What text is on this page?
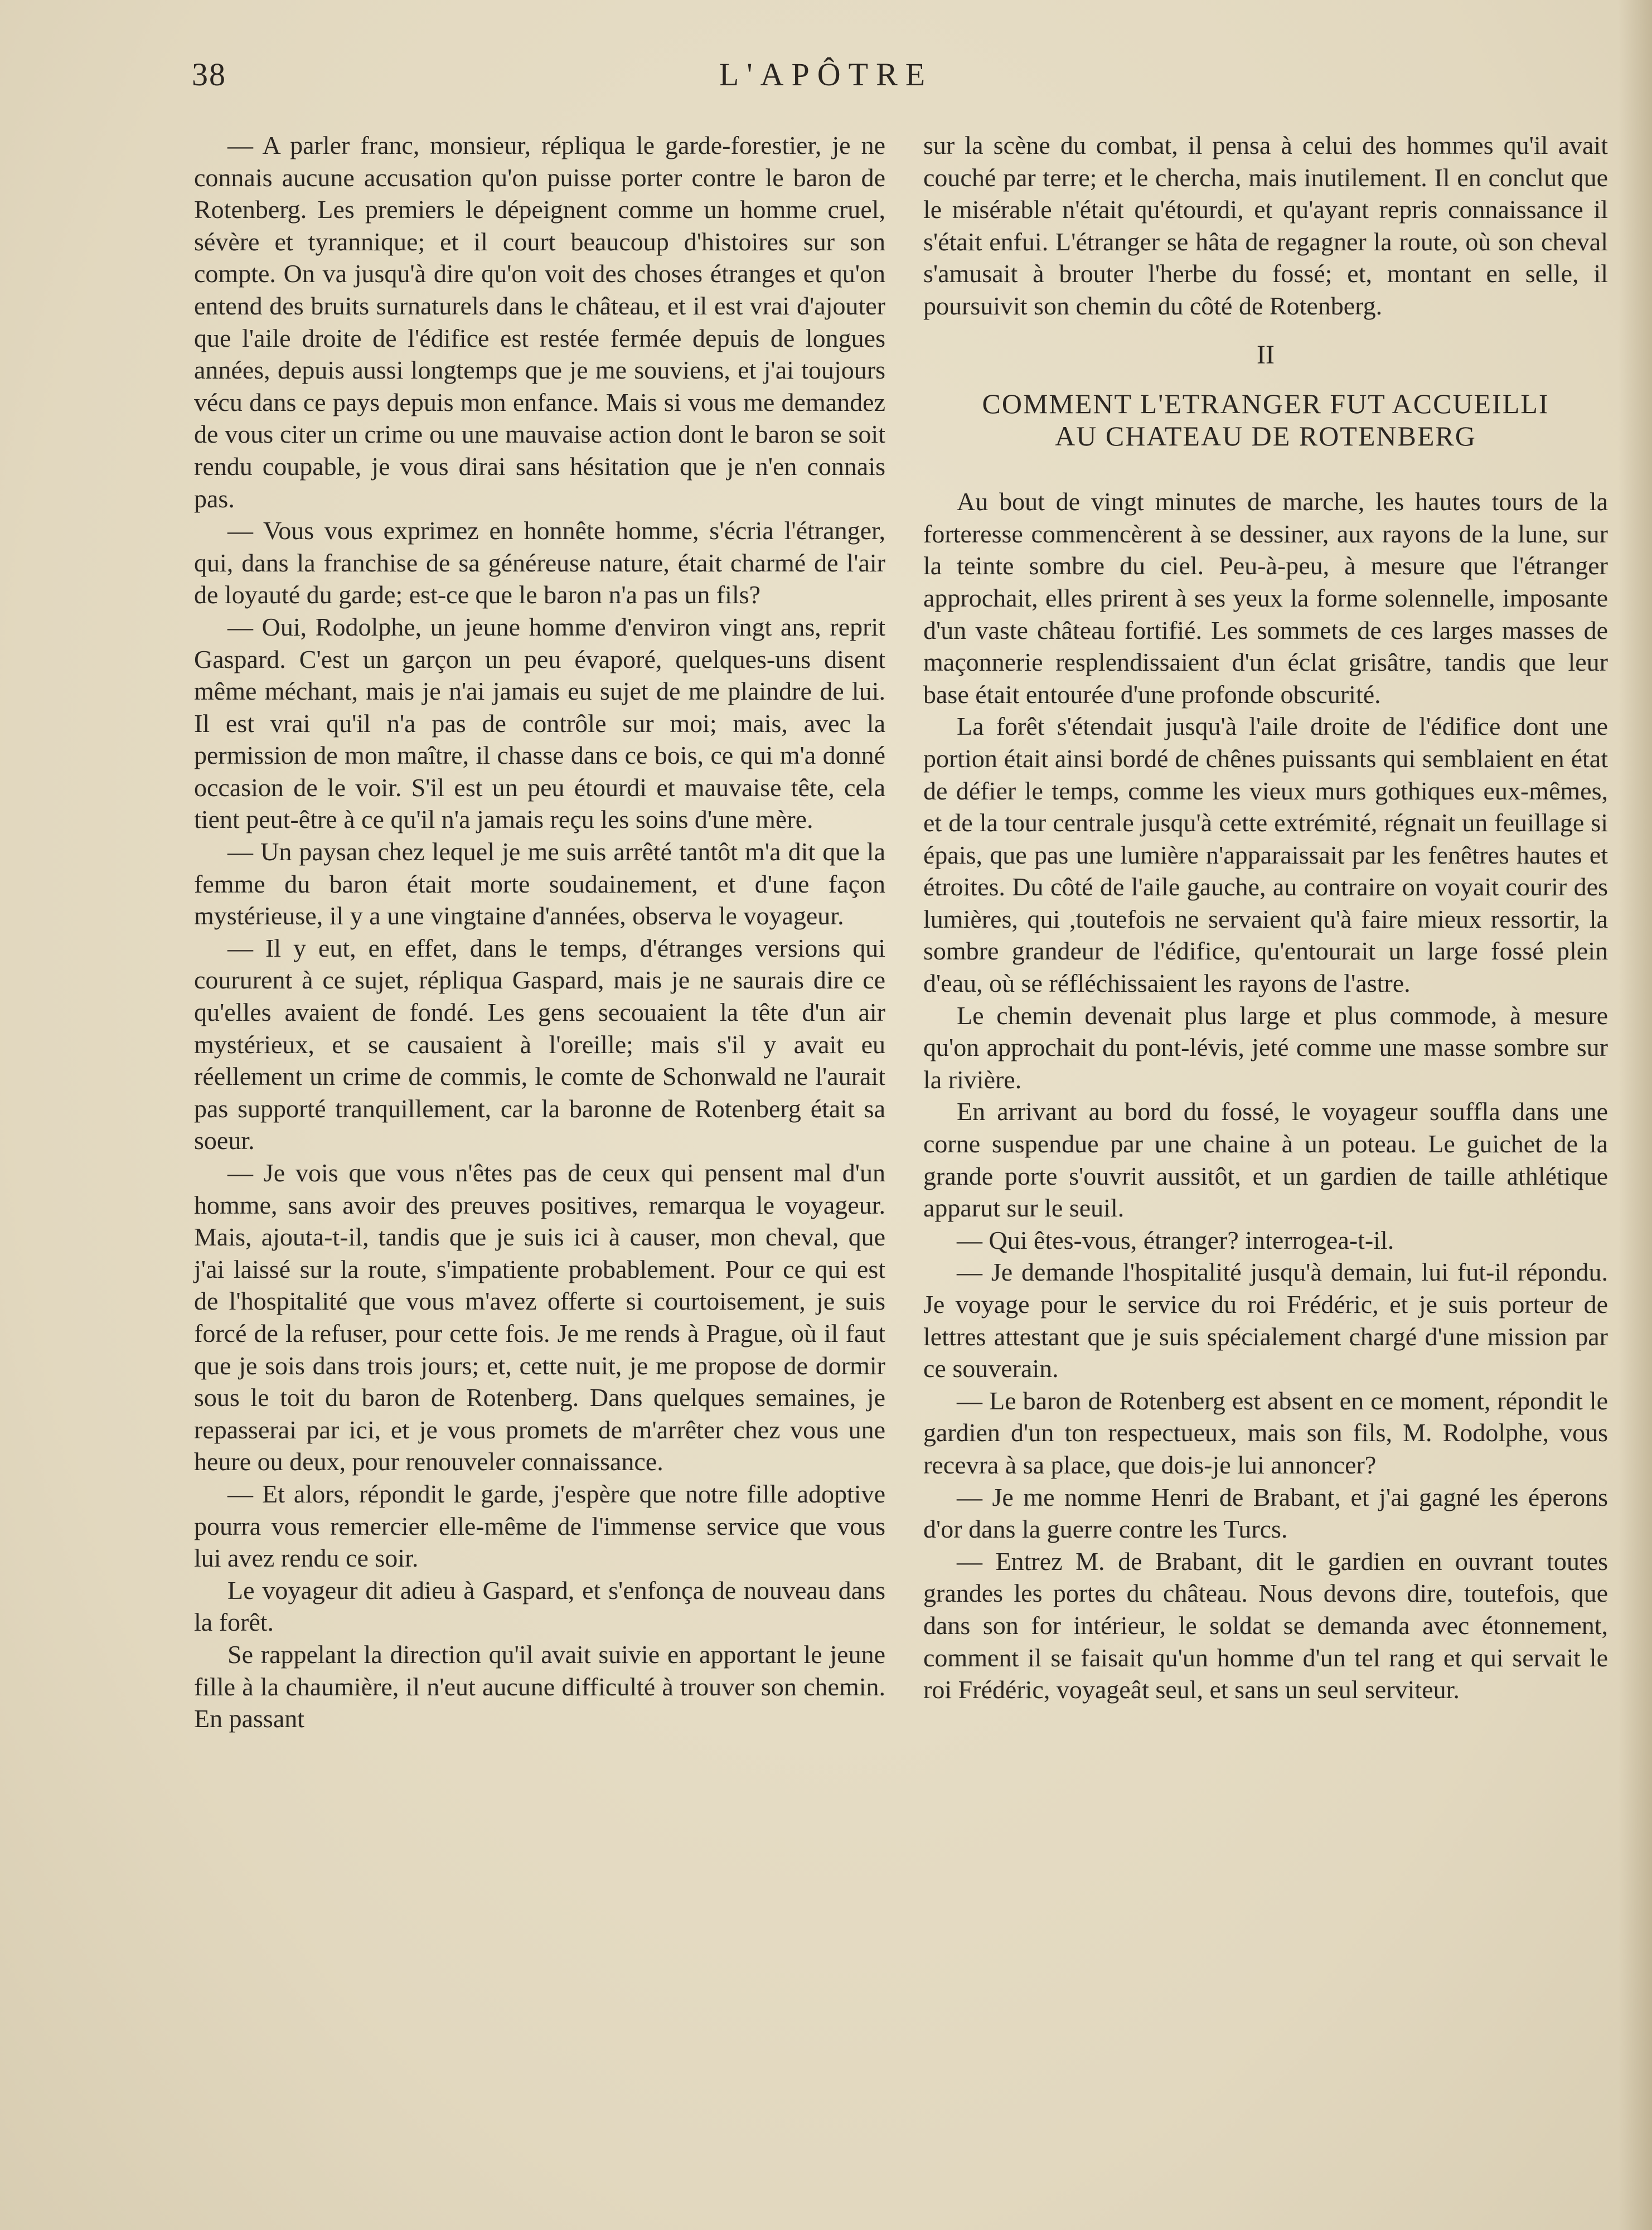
38	L'APÔTRE

— A parler franc, monsieur, répliqua le garde-forestier, je ne connais aucune accusation qu'on puisse porter contre le baron de Rotenberg. Les premiers le dépeignent comme un homme cruel, sévère et tyrannique; et il court beaucoup d'histoires sur son compte. On va jusqu'à dire qu'on voit des choses étranges et qu'on entend des bruits surnaturels dans le château, et il est vrai d'ajouter que l'aile droite de l'édifice est restée fermée depuis de longues années, depuis aussi longtemps que je me souviens, et j'ai toujours vécu dans ce pays depuis mon enfance. Mais si vous me demandez de vous citer un crime ou une mauvaise action dont le baron se soit rendu coupable, je vous dirai sans hésitation que je n'en connais pas.

— Vous vous exprimez en honnête homme, s'écria l'étranger, qui, dans la franchise de sa généreuse nature, était charmé de l'air de loyauté du garde; est-ce que le baron n'a pas un fils?

— Oui, Rodolphe, un jeune homme d'environ vingt ans, reprit Gaspard. C'est un garçon un peu évaporé, quelques-uns disent même méchant, mais je n'ai jamais eu sujet de me plaindre de lui. Il est vrai qu'il n'a pas de contrôle sur moi; mais, avec la permission de mon maître, il chasse dans ce bois, ce qui m'a donné occasion de le voir. S'il est un peu étourdi et mauvaise tête, cela tient peut-être à ce qu'il n'a jamais reçu les soins d'une mère.

— Un paysan chez lequel je me suis arrêté tantôt m'a dit que la femme du baron était morte soudainement, et d'une façon mystérieuse, il y a une vingtaine d'années, observa le voyageur.

— Il y eut, en effet, dans le temps, d'étranges versions qui coururent à ce sujet, répliqua Gaspard, mais je ne saurais dire ce qu'elles avaient de fondé. Les gens secouaient la tête d'un air mystérieux, et se causaient à l'oreille; mais s'il y avait eu réellement un crime de commis, le comte de Schonwald ne l'aurait pas supporté tranquillement, car la baronne de Rotenberg était sa soeur.

— Je vois que vous n'êtes pas de ceux qui pensent mal d'un homme, sans avoir des preuves positives, remarqua le voyageur. Mais, ajouta-t-il, tandis que je suis ici à causer, mon cheval, que j'ai laissé sur la route, s'impatiente probablement. Pour ce qui est de l'hospitalité que vous m'avez offerte si courtoisement, je suis forcé de la refuser, pour cette fois. Je me rends à Prague, où il faut que je sois dans trois jours; et, cette nuit, je me propose de dormir sous le toit du baron de Rotenberg. Dans quelques semaines, je repasserai par ici, et je vous promets de m'arrêter chez vous une heure ou deux, pour renouveler connaissance.

— Et alors, répondit le garde, j'espère que notre fille adoptive pourra vous remercier elle-même de l'immense service que vous lui avez rendu ce soir.

Le voyageur dit adieu à Gaspard, et s'enfonça de nouveau dans la forêt.

Se rappelant la direction qu'il avait suivie en apportant le jeune fille à la chaumière, il n'eut aucune difficulté à trouver son chemin. En passant

sur la scène du combat, il pensa à celui des hommes qu'il avait couché par terre; et le chercha, mais inutilement. Il en conclut que le misérable n'était qu'étourdi, et qu'ayant repris connaissance il s'était enfui. L'étranger se hâta de regagner la route, où son cheval s'amusait à brouter l'herbe du fossé; et, montant en selle, il poursuivit son chemin du côté de Rotenberg.

II
COMMENT L'ETRANGER FUT ACCUEILLI
AU CHATEAU DE ROTENBERG

Au bout de vingt minutes de marche, les hautes tours de la forteresse commencèrent à se dessiner, aux rayons de la lune, sur la teinte sombre du ciel. Peu-à-peu, à mesure que l'étranger approchait, elles prirent à ses yeux la forme solennelle, imposante d'un vaste château fortifié. Les sommets de ces larges masses de maçonnerie resplendissaient d'un éclat grisâtre, tandis que leur base était entourée d'une profonde obscurité.

La forêt s'étendait jusqu'à l'aile droite de l'édifice dont une portion était ainsi bordé de chênes puissants qui semblaient en état de défier le temps, comme les vieux murs gothiques eux-mêmes, et de la tour centrale jusqu'à cette extrémité, régnait un feuillage si épais, que pas une lumière n'apparaissait par les fenêtres hautes et étroites. Du côté de l'aile gauche, au contraire on voyait courir des lumières, qui ,toutefois ne servaient qu'à faire mieux ressortir, la sombre grandeur de l'édifice, qu'entourait un large fossé plein d'eau, où se réfléchissaient les rayons de l'astre.

Le chemin devenait plus large et plus commode, à mesure qu'on approchait du pont-lévis, jeté comme une masse sombre sur la rivière.

En arrivant au bord du fossé, le voyageur souffla dans une corne suspendue par une chaine à un poteau. Le guichet de la grande porte s'ouvrit aussitôt, et un gardien de taille athlétique apparut sur le seuil.

— Qui êtes-vous, étranger? interrogea-t-il.

— Je demande l'hospitalité jusqu'à demain, lui fut-il répondu. Je voyage pour le service du roi Frédéric, et je suis porteur de lettres attestant que je suis spécialement chargé d'une mission par ce souverain.

— Le baron de Rotenberg est absent en ce moment, répondit le gardien d'un ton respectueux, mais son fils, M. Rodolphe, vous recevra à sa place, que dois-je lui annoncer?

— Je me nomme Henri de Brabant, et j'ai gagné les éperons d'or dans la guerre contre les Turcs.

— Entrez M. de Brabant, dit le gardien en ouvrant toutes grandes les portes du château. Nous devons dire, toutefois, que dans son for intérieur, le soldat se demanda avec étonnement, comment il se faisait qu'un homme d'un tel rang et qui servait le roi Frédéric, voyageât seul, et sans un seul serviteur.
